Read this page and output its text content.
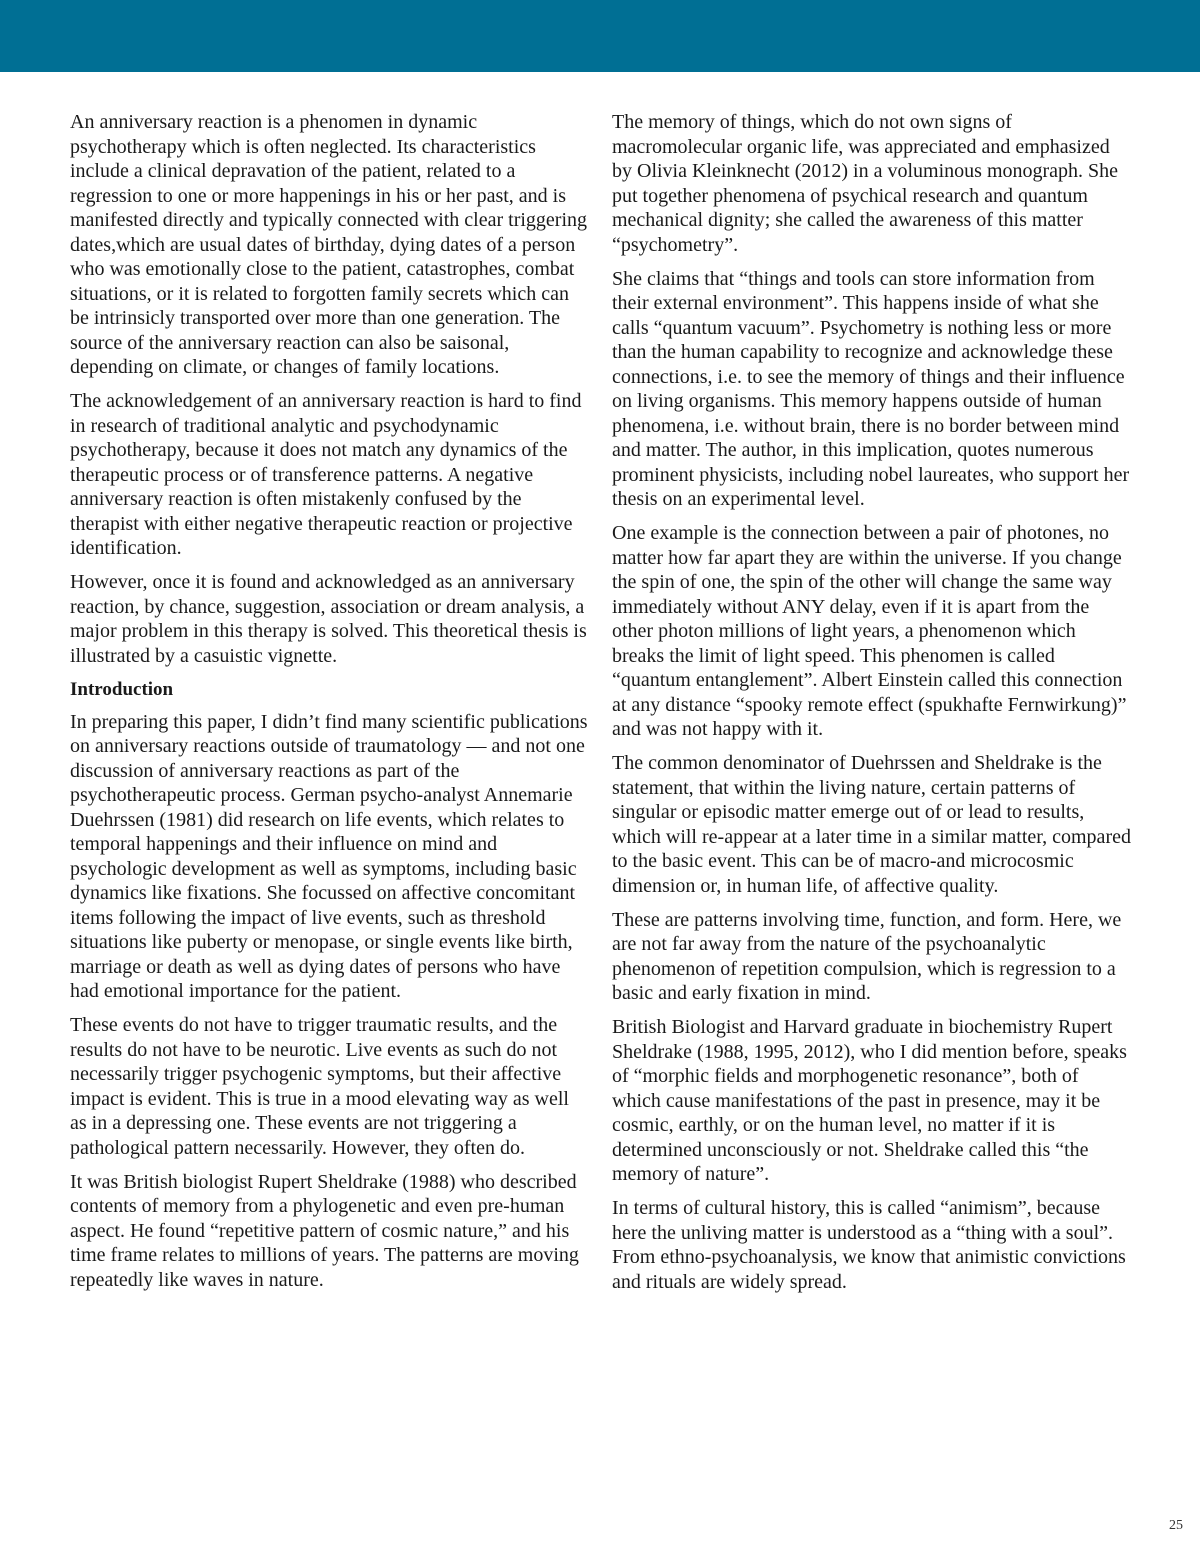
An anniversary reaction is a phenomen in dynamic psychotherapy which is often neglected. Its characteristics include a clinical depravation of the patient, related to a regression to one or more happenings in his or her past, and is manifested directly and typically connected with clear triggering dates,which are usual dates of birthday, dying dates of a person who was emotionally close to the patient, catastrophes, combat situations, or it is related to forgotten family secrets which can be intrinsicly transported over more than one generation. The source of the anniversary reaction can also be saisonal, depending on climate, or changes of family locations.

The acknowledgement of an anniversary reaction is hard to find in research of traditional analytic and psychodynamic psychotherapy, because it does not match any dynamics of the therapeutic process or of transference patterns. A negative anniversary reaction is often mistakenly confused by the therapist with either negative therapeutic reaction or projective identification.

However, once it is found and acknowledged as an anniversary reaction, by chance, suggestion, association or dream analysis, a major problem in this therapy is solved. This theoretical thesis is illustrated by a casuistic vignette.

Introduction

In preparing this paper, I didn’t find many scientific publications on anniversary reactions outside of traumatology — and not one discussion of anniversary reactions as part of the psychotherapeutic process. German psycho-analyst Annemarie Duehrssen (1981) did research on life events, which relates to temporal happenings and their influence on mind and psychologic development as well as symptoms, including basic dynamics like fixations. She focussed on affective concomitant items following the impact of live events, such as threshold situations like puberty or menopase, or single events like birth, marriage or death as well as dying dates of persons who have had emotional importance for the patient.

These events do not have to trigger traumatic results, and the results do not have to be neurotic. Live events as such do not necessarily trigger psychogenic symptoms, but their affective impact is evident. This is true in a mood elevating way as well as in a depressing one. These events are not triggering a pathological pattern necessarily. However, they often do.

It was British biologist Rupert Sheldrake (1988) who described contents of memory from a phylogenetic and even pre-human aspect. He found “repetitive pattern of cosmic nature,” and his time frame relates to millions of years. The patterns are moving repeatedly like waves in nature.

The memory of things, which do not own signs of macromolecular organic life, was appreciated and emphasized by Olivia Kleinknecht (2012) in a voluminous monograph. She put together phenomena of psychical research and quantum mechanical dignity; she called the awareness of this matter “psychometry”.

She claims that “things and tools can store information from their external environment”. This happens inside of what she calls “quantum vacuum”. Psychometry is nothing less or more than the human capability to recognize and acknowledge these connections, i.e. to see the memory of things and their influence on living organisms. This memory happens outside of human phenomena, i.e. without brain, there is no border between mind and matter. The author, in this implication, quotes numerous prominent physicists, including nobel laureates, who support her thesis on an experimental level.

One example is the connection between a pair of photones, no matter how far apart they are within the universe. If you change the spin of one, the spin of the other will change the same way immediately without ANY delay, even if it is apart from the other photon millions of light years, a phenomenon which breaks the limit of light speed. This phenomen is called “quantum entanglement”. Albert Einstein called this connection at any distance “spooky remote effect (spukhafte Fernwirkung)” and was not happy with it.

The common denominator of Duehrssen and Sheldrake is the statement, that within the living nature, certain patterns of singular or episodic matter emerge out of or lead to results, which will re-appear at a later time in a similar matter, compared to the basic event. This can be of macro-and microcosmic dimension or, in human life, of affective quality.

These are patterns involving time, function, and form. Here, we are not far away from the nature of the psychoanalytic phenomenon of repetition compulsion, which is regression to a basic and early fixation in mind.

British Biologist and Harvard graduate in biochemistry Rupert Sheldrake (1988, 1995, 2012), who I did mention before, speaks of “morphic fields and morphogenetic resonance”, both of which cause manifestations of the past in presence, may it be cosmic, earthly, or on the human level, no matter if it is determined unconsciously or not. Sheldrake called this “the memory of nature”.

In terms of cultural history, this is called “animism”, because here the unliving matter is understood as a “thing with a soul”. From ethno-psychoanalysis, we know that animistic convictions and rituals are widely spread.

25
